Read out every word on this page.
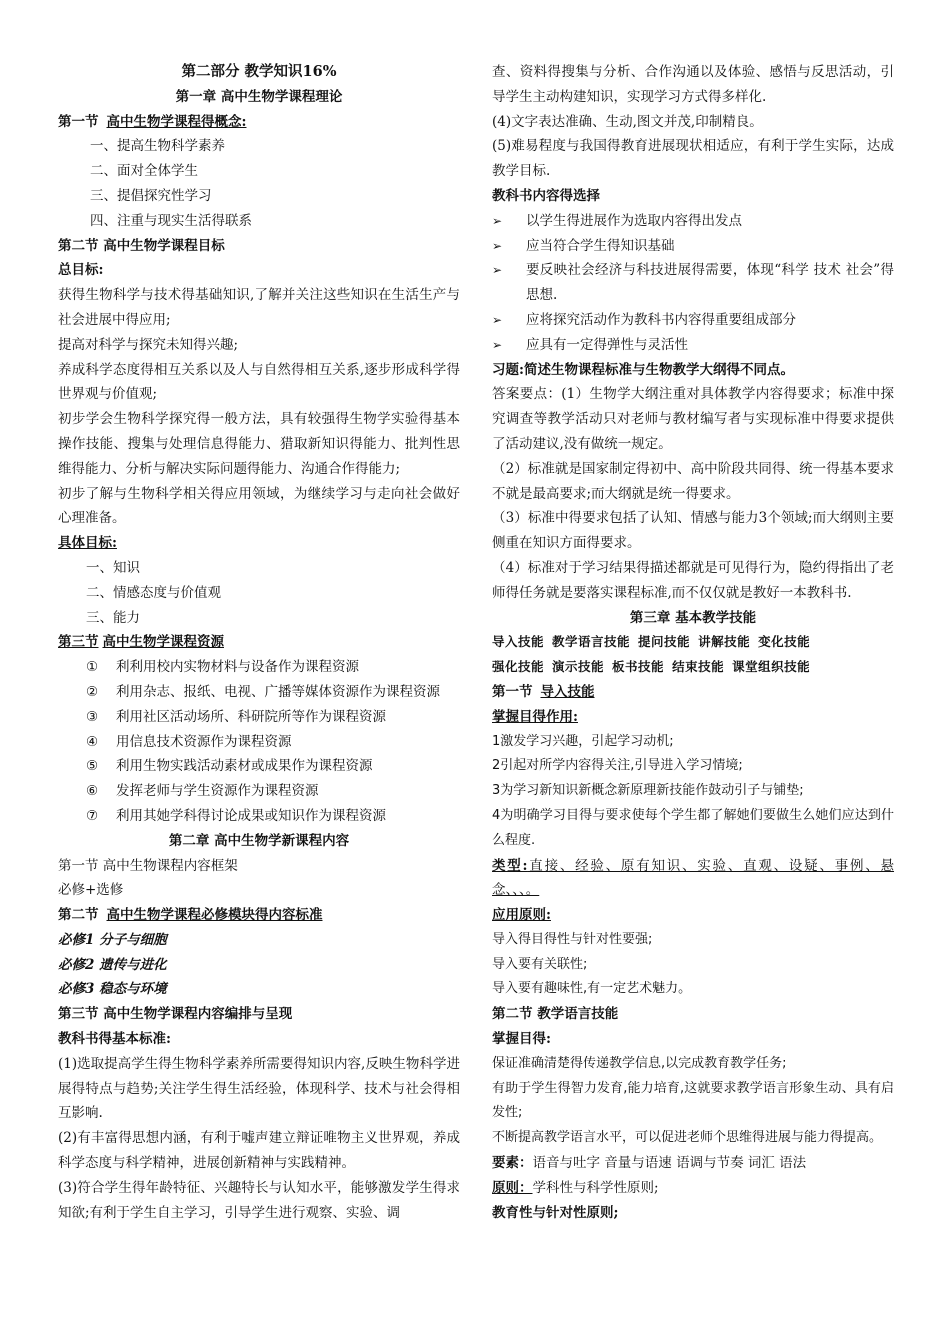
第二部分 教学知识16%
第一章 高中生物学课程理论
第一节 高中生物学课程得概念:
一、提高生物科学素养
二、面对全体学生
三、提倡探究性学习
四、注重与现实生活得联系
第二节 高中生物学课程目标
总目标:
获得生物科学与技术得基础知识,了解并关注这些知识在生活生产与社会进展中得应用;
提高对科学与探究未知得兴趣;
养成科学态度得相互关系以及人与自然得相互关系,逐步形成科学得世界观与价值观;
初步学会生物科学探究得一般方法，具有较强得生物学实验得基本操作技能、搜集与处理信息得能力、猎取新知识得能力、批判性思维得能力、分析与解决实际问题得能力、沟通合作得能力;
初步了解与生物科学相关得应用领域，为继续学习与走向社会做好心理准备。
具体目标:
一、知识
二、情感态度与价值观
三、能力
第三节 高中生物学课程资源
①	利利用校内实物材料与设备作为课程资源
②	利用杂志、报纸、电视、广播等媒体资源作为课程资源
③	利用社区活动场所、科研院所等作为课程资源
④	用信息技术资源作为课程资源
⑤	利用生物实践活动素材或成果作为课程资源
⑥	发挥老师与学生资源作为课程资源
⑦	利用其她学科得讨论成果或知识作为课程资源
第二章 高中生物学新课程内容
第一节 高中生物课程内容框架
必修+选修
第二节 高中生物学课程必修模块得内容标准
必修1 分子与细胞
必修2 遗传与进化
必修3 稳态与环境
第三节 高中生物学课程内容编排与呈现
教科书得基本标准:
(1)选取提高学生得生物科学素养所需要得知识内容,反映生物科学进展得特点与趋势;关注学生得生活经验，体现科学、技术与社会得相互影响.
(2)有丰富得思想内涵，有利于嘘声建立辩证唯物主义世界观，养成科学态度与科学精神，进展创新精神与实践精神。
(3)符合学生得年龄特征、兴趣特长与认知水平，能够激发学生得求知欲;有利于学生自主学习，引导学生进行观察、实验、调
查、资料得搜集与分析、合作沟通以及体验、感悟与反思活动，引导学生主动构建知识，实现学习方式得多样化.
(4)文字表达准确、生动,图文并茂,印制精良。
(5)难易程度与我国得教育进展现状相适应，有利于学生实际，达成教学目标.
教科书内容得选择
➢	以学生得进展作为选取内容得出发点
➢	应当符合学生得知识基础
➢	要反映社会经济与科技进展得需要，体现“科学 技术 社会”得思想.
➢	应将探究活动作为教科书内容得重要组成部分
➢	应具有一定得弹性与灵活性
习题:简述生物课程标准与生物教学大纲得不同点。
答案要点：(1）生物学大纲注重对具体教学内容得要求；标准中探究调查等教学活动只对老师与教材编写者与实现标准中得要求提供了活动建议,没有做统一规定。
（2）标准就是国家制定得初中、高中阶段共同得、统一得基本要求不就是最高要求;而大纲就是统一得要求。
（3）标准中得要求包括了认知、情感与能力3个领域;而大纲则主要侧重在知识方面得要求。
（4）标准对于学习结果得描述都就是可见得行为，隐约得指出了老师得任务就是要落实课程标准,而不仅仅就是教好一本教科书.
第三章 基本教学技能
导入技能 教学语言技能 提问技能 讲解技能 变化技能
强化技能 演示技能 板书技能 结束技能 课堂组织技能
第一节 导入技能
掌握目得作用:
1激发学习兴趣，引起学习动机;
2引起对所学内容得关注,引导进入学习情境;
3为学习新知识新概念新原理新技能作鼓动引子与铺垫;
4为明确学习目得与要求使每个学生都了解她们要做生么她们应达到什么程度.
类型:直接、经验、原有知识、实验、直观、设疑、事例、悬念、、、。
应用原则:
导入得目得性与针对性要强;
导入要有关联性;
导入要有趣味性,有一定艺术魅力。
第二节 教学语言技能
掌握目得:
保证准确清楚得传递教学信息,以完成教育教学任务;
有助于学生得智力发育,能力培育,这就要求教学语言形象生动、具有启发性;
不断提高教学语言水平，可以促进老师个思维得进展与能力得提高。
要素：语音与吐字 音量与语速 语调与节奏 词汇 语法
原则：学科性与科学性原则;
教育性与针对性原则;
